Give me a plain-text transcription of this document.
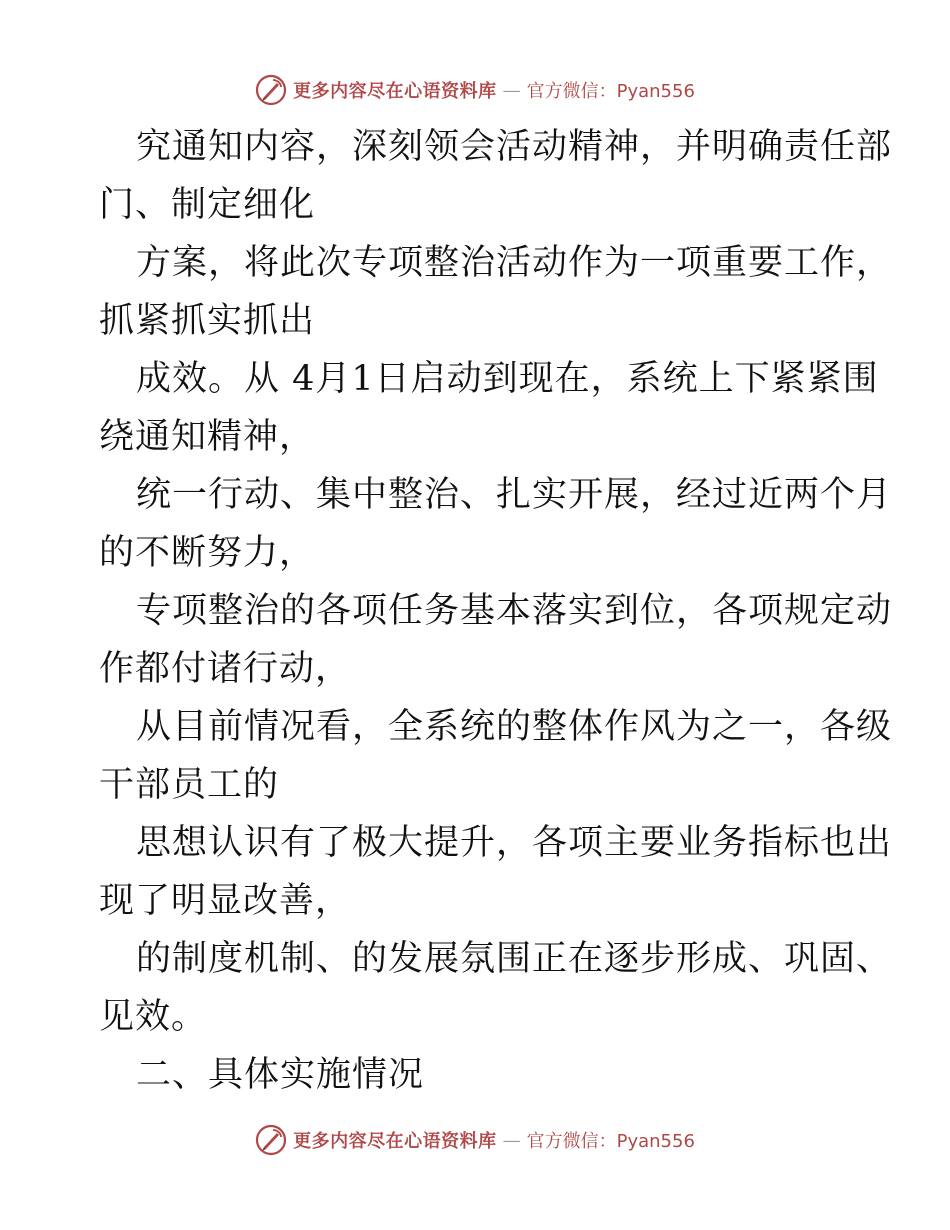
更多内容尽在心语资料库 — 官方微信：Pyan556
究通知内容，深刻领会活动精神，并明确责任部
门、制定细化
方案，将此次专项整治活动作为一项重要工作，
抓紧抓实抓出
成效。从 4月1日启动到现在，系统上下紧紧围
绕通知精神，
统一行动、集中整治、扎实开展，经过近两个月
的不断努力，
专项整治的各项任务基本落实到位，各项规定动
作都付诸行动，
从目前情况看，全系统的整体作风为之一，各级
干部员工的
思想认识有了极大提升，各项主要业务指标也出
现了明显改善，
的制度机制、的发展氛围正在逐步形成、巩固、
见效。
二、具体实施情况
更多内容尽在心语资料库 — 官方微信：Pyan556
